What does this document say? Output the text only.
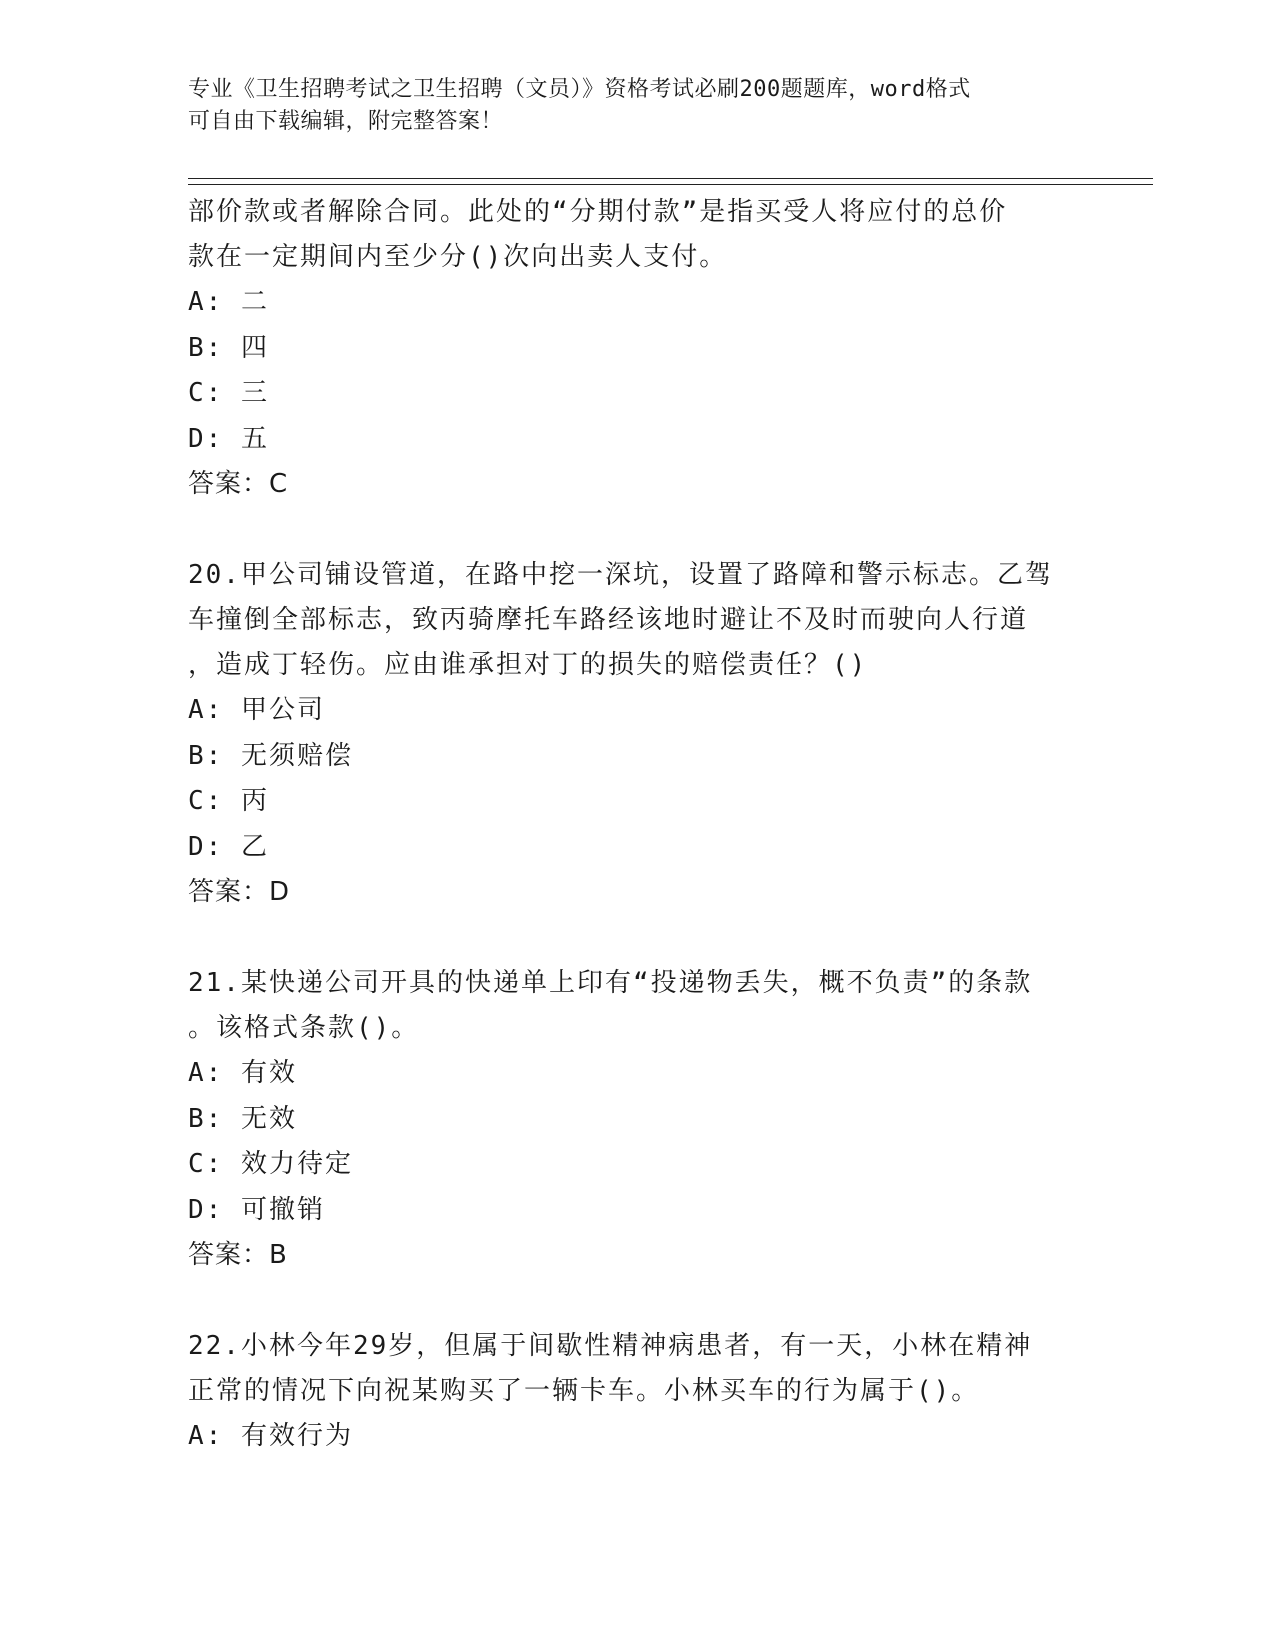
专业《卫生招聘考试之卫生招聘（文员）》资格考试必刷200题题库，word格式
可自由下载编辑，附完整答案！

部价款或者解除合同。此处的“分期付款”是指买受人将应付的总价

款在一定期间内至少分()次向出卖人支付。

A: 二

B: 四

C: 三

D: 五

答案：C

20.甲公司铺设管道，在路中挖一深坑，设置了路障和警示标志。乙驾

车撞倒全部标志，致丙骑摩托车路经该地时避让不及时而驶向人行道

，造成丁轻伤。应由谁承担对丁的损失的赔偿责任？()

A: 甲公司

B: 无须赔偿

C: 丙

D: 乙

答案：D

21.某快递公司开具的快递单上印有“投递物丢失，概不负责”的条款

。该格式条款()。

A: 有效

B: 无效

C: 效力待定

D: 可撤销

答案：B

22.小林今年29岁，但属于间歇性精神病患者，有一天，小林在精神

正常的情况下向祝某购买了一辆卡车。小林买车的行为属于()。

A: 有效行为
